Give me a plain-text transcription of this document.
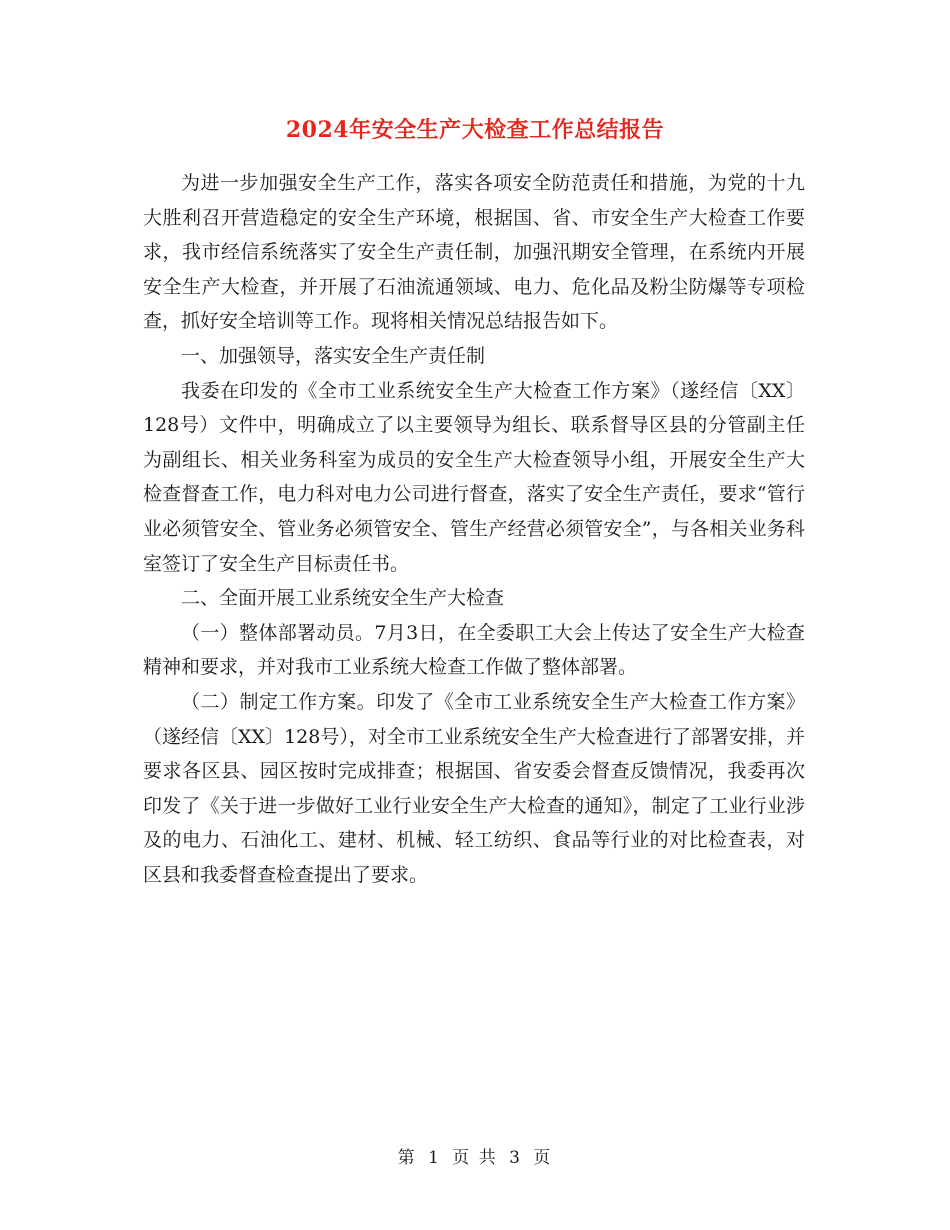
2024年安全生产大检查工作总结报告

为进一步加强安全生产工作，落实各项安全防范责任和措施，为党的十九大胜利召开营造稳定的安全生产环境，根据国、省、市安全生产大检查工作要求，我市经信系统落实了安全生产责任制，加强汛期安全管理，在系统内开展安全生产大检查，并开展了石油流通领域、电力、危化品及粉尘防爆等专项检查，抓好安全培训等工作。现将相关情况总结报告如下。

一、加强领导，落实安全生产责任制

我委在印发的《全市工业系统安全生产大检查工作方案》（遂经信〔XX〕128号）文件中，明确成立了以主要领导为组长、联系督导区县的分管副主任为副组长、相关业务科室为成员的安全生产大检查领导小组，开展安全生产大检查督查工作，电力科对电力公司进行督查，落实了安全生产责任，要求“管行业必须管安全、管业务必须管安全、管生产经营必须管安全”，与各相关业务科室签订了安全生产目标责任书。

二、全面开展工业系统安全生产大检查

（一）整体部署动员。7月3日，在全委职工大会上传达了安全生产大检查精神和要求，并对我市工业系统大检查工作做了整体部署。

（二）制定工作方案。印发了《全市工业系统安全生产大检查工作方案》（遂经信〔XX〕128号），对全市工业系统安全生产大检查进行了部署安排，并要求各区县、园区按时完成排查；根据国、省安委会督查反馈情况，我委再次印发了《关于进一步做好工业行业安全生产大检查的通知》，制定了工业行业涉及的电力、石油化工、建材、机械、轻工纺织、食品等行业的对比检查表，对区县和我委督查检查提出了要求。

第 1 页 共 3 页
